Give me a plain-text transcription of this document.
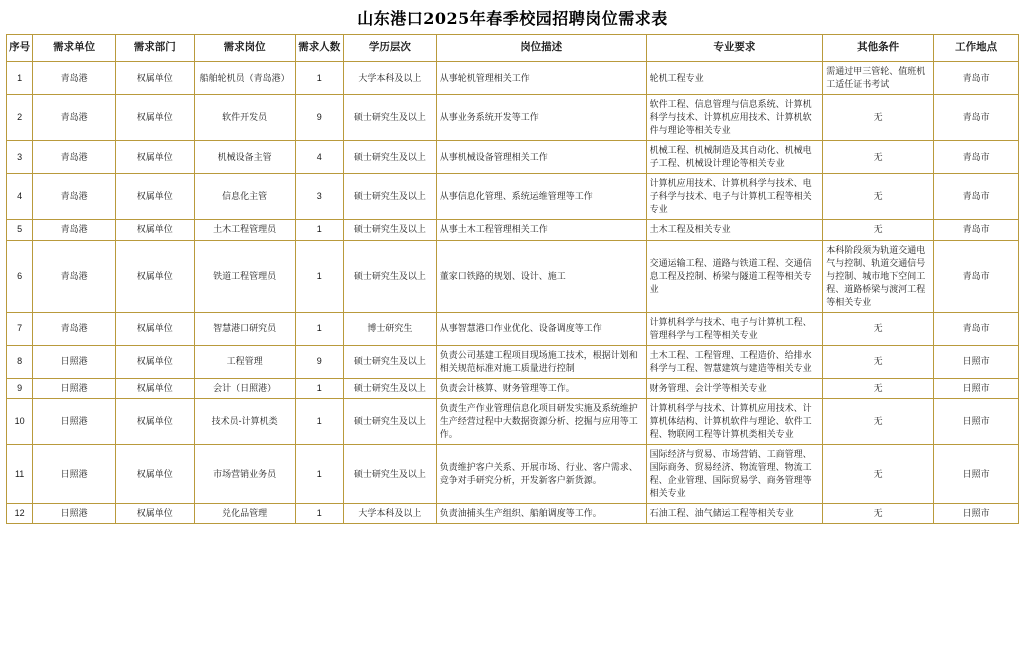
山东港口2025年春季校园招聘岗位需求表
序号	需求单位	需求部门	需求岗位	需求人数	学历层次	岗位描述	专业要求	其他条件	工作地点
1	青岛港	权属单位	船舶轮机员（青岛港）	1	大学本科及以上	从事轮机管理相关工作	轮机工程专业	需通过甲三管轮、值班机工适任证书考试	青岛市
2	青岛港	权属单位	软件开发员	9	硕士研究生及以上	从事业务系统开发等工作	软件工程、信息管理与信息系统、计算机科学与技术、计算机应用技术、计算机软件与理论等相关专业	无	青岛市
3	青岛港	权属单位	机械设备主管	4	硕士研究生及以上	从事机械设备管理相关工作	机械工程、机械制造及其自动化、机械电子工程、机械设计理论等相关专业	无	青岛市
4	青岛港	权属单位	信息化主管	3	硕士研究生及以上	从事信息化管理、系统运维管理等工作	计算机应用技术、计算机科学与技术、电子科学与技术、电子与计算机工程等相关专业	无	青岛市
5	青岛港	权属单位	土木工程管理员	1	硕士研究生及以上	从事土木工程管理相关工作	土木工程及相关专业	无	青岛市
6	青岛港	权属单位	铁道工程管理员	1	硕士研究生及以上	董家口铁路的规划、设计、施工	交通运输工程、道路与铁道工程、交通信息工程及控制、桥梁与隧道工程等相关专业	本科阶段须为轨道交通电气与控制、轨道交通信号与控制、城市地下空间工程、道路桥梁与渡河工程等相关专业	青岛市
7	青岛港	权属单位	智慧港口研究员	1	博士研究生	从事智慧港口作业优化、设备调度等工作	计算机科学与技术、电子与计算机工程、管理科学与工程等相关专业	无	青岛市
8	日照港	权属单位	工程管理	9	硕士研究生及以上	负责公司基建工程项目现场施工技术，根据计划和相关规范标准对施工质量进行控制	土木工程、工程管理、工程造价、给排水科学与工程、智慧建筑与建造等相关专业	无	日照市
9	日照港	权属单位	会计（日照港）	1	硕士研究生及以上	负责会计核算、财务管理等工作。	财务管理、会计学等相关专业	无	日照市
10	日照港	权属单位	技术员-计算机类	1	硕士研究生及以上	负责生产作业管理信息化项目研发实施及系统维护生产经营过程中大数据资源分析、挖掘与应用等工作。	计算机科学与技术、计算机应用技术、计算机体结构、计算机软件与理论、软件工程、物联网工程等计算机类相关专业	无	日照市
11	日照港	权属单位	市场营销业务员	1	硕士研究生及以上	负责维护客户关系、开展市场、行业、客户需求、竞争对手研究分析，开发新客户新货源。	国际经济与贸易、市场营销、工商管理、国际商务、贸易经济、物流管理、物流工程、企业管理、国际贸易学、商务管理等相关专业	无	日照市
12	日照港	权属单位	兑化品管理	1	大学本科及以上	负责油捕头生产组织、船舶调度等工作。	石油工程、油气储运工程等相关专业	无	日照市
